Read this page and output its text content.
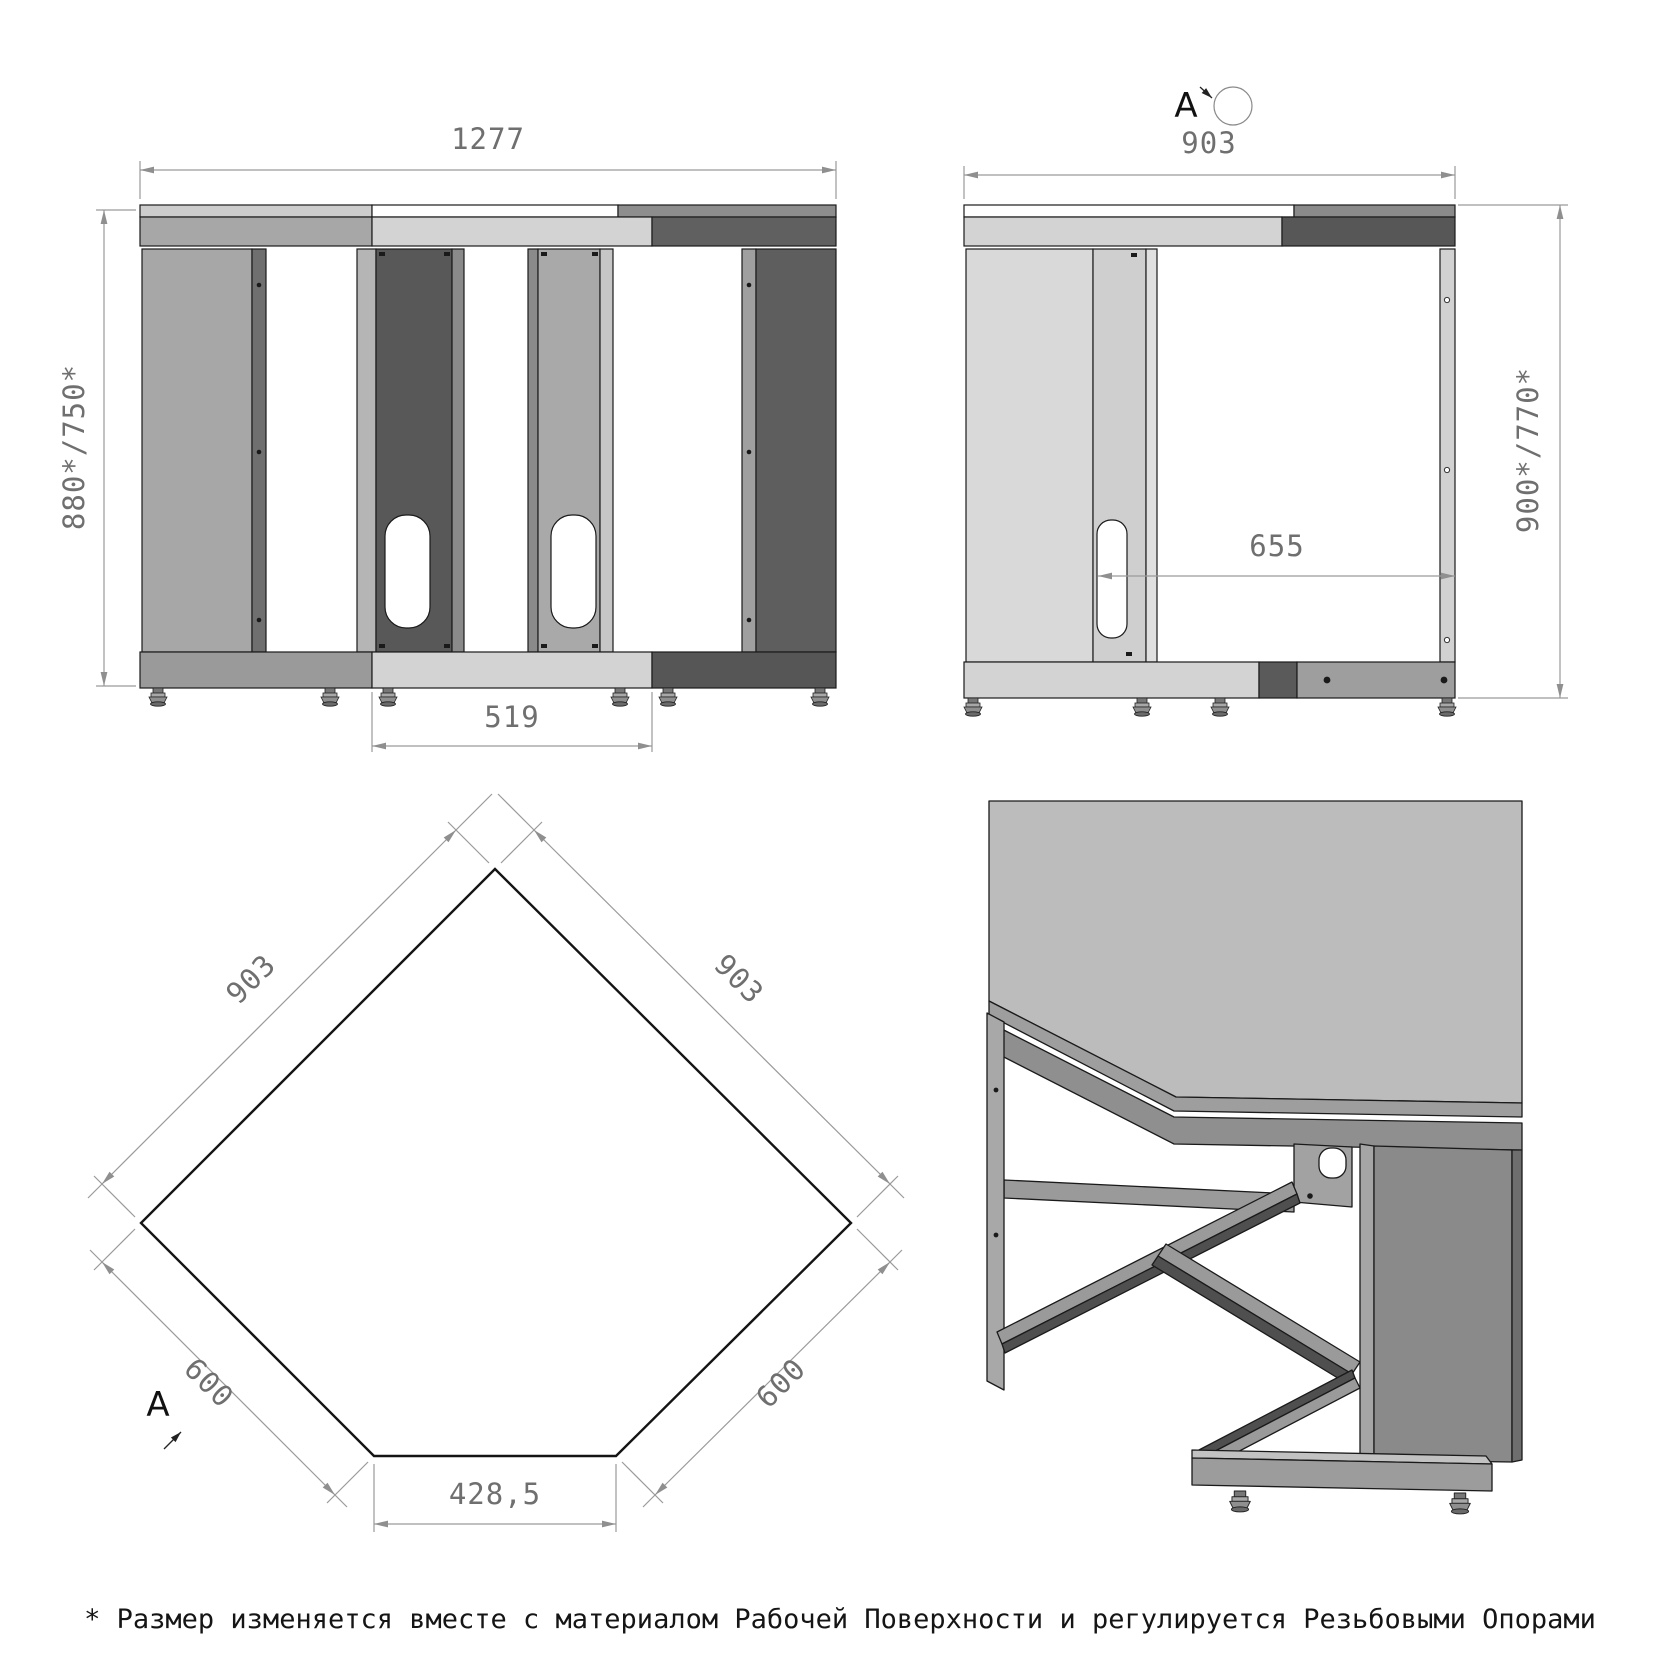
1277
880*/750*
519
903
900*/770*
655
A
903	903
600	600
428,5
A
* Размер изменяется вместе с материалом Рабочей Поверхности и регулируется Резьбовыми Опорами
